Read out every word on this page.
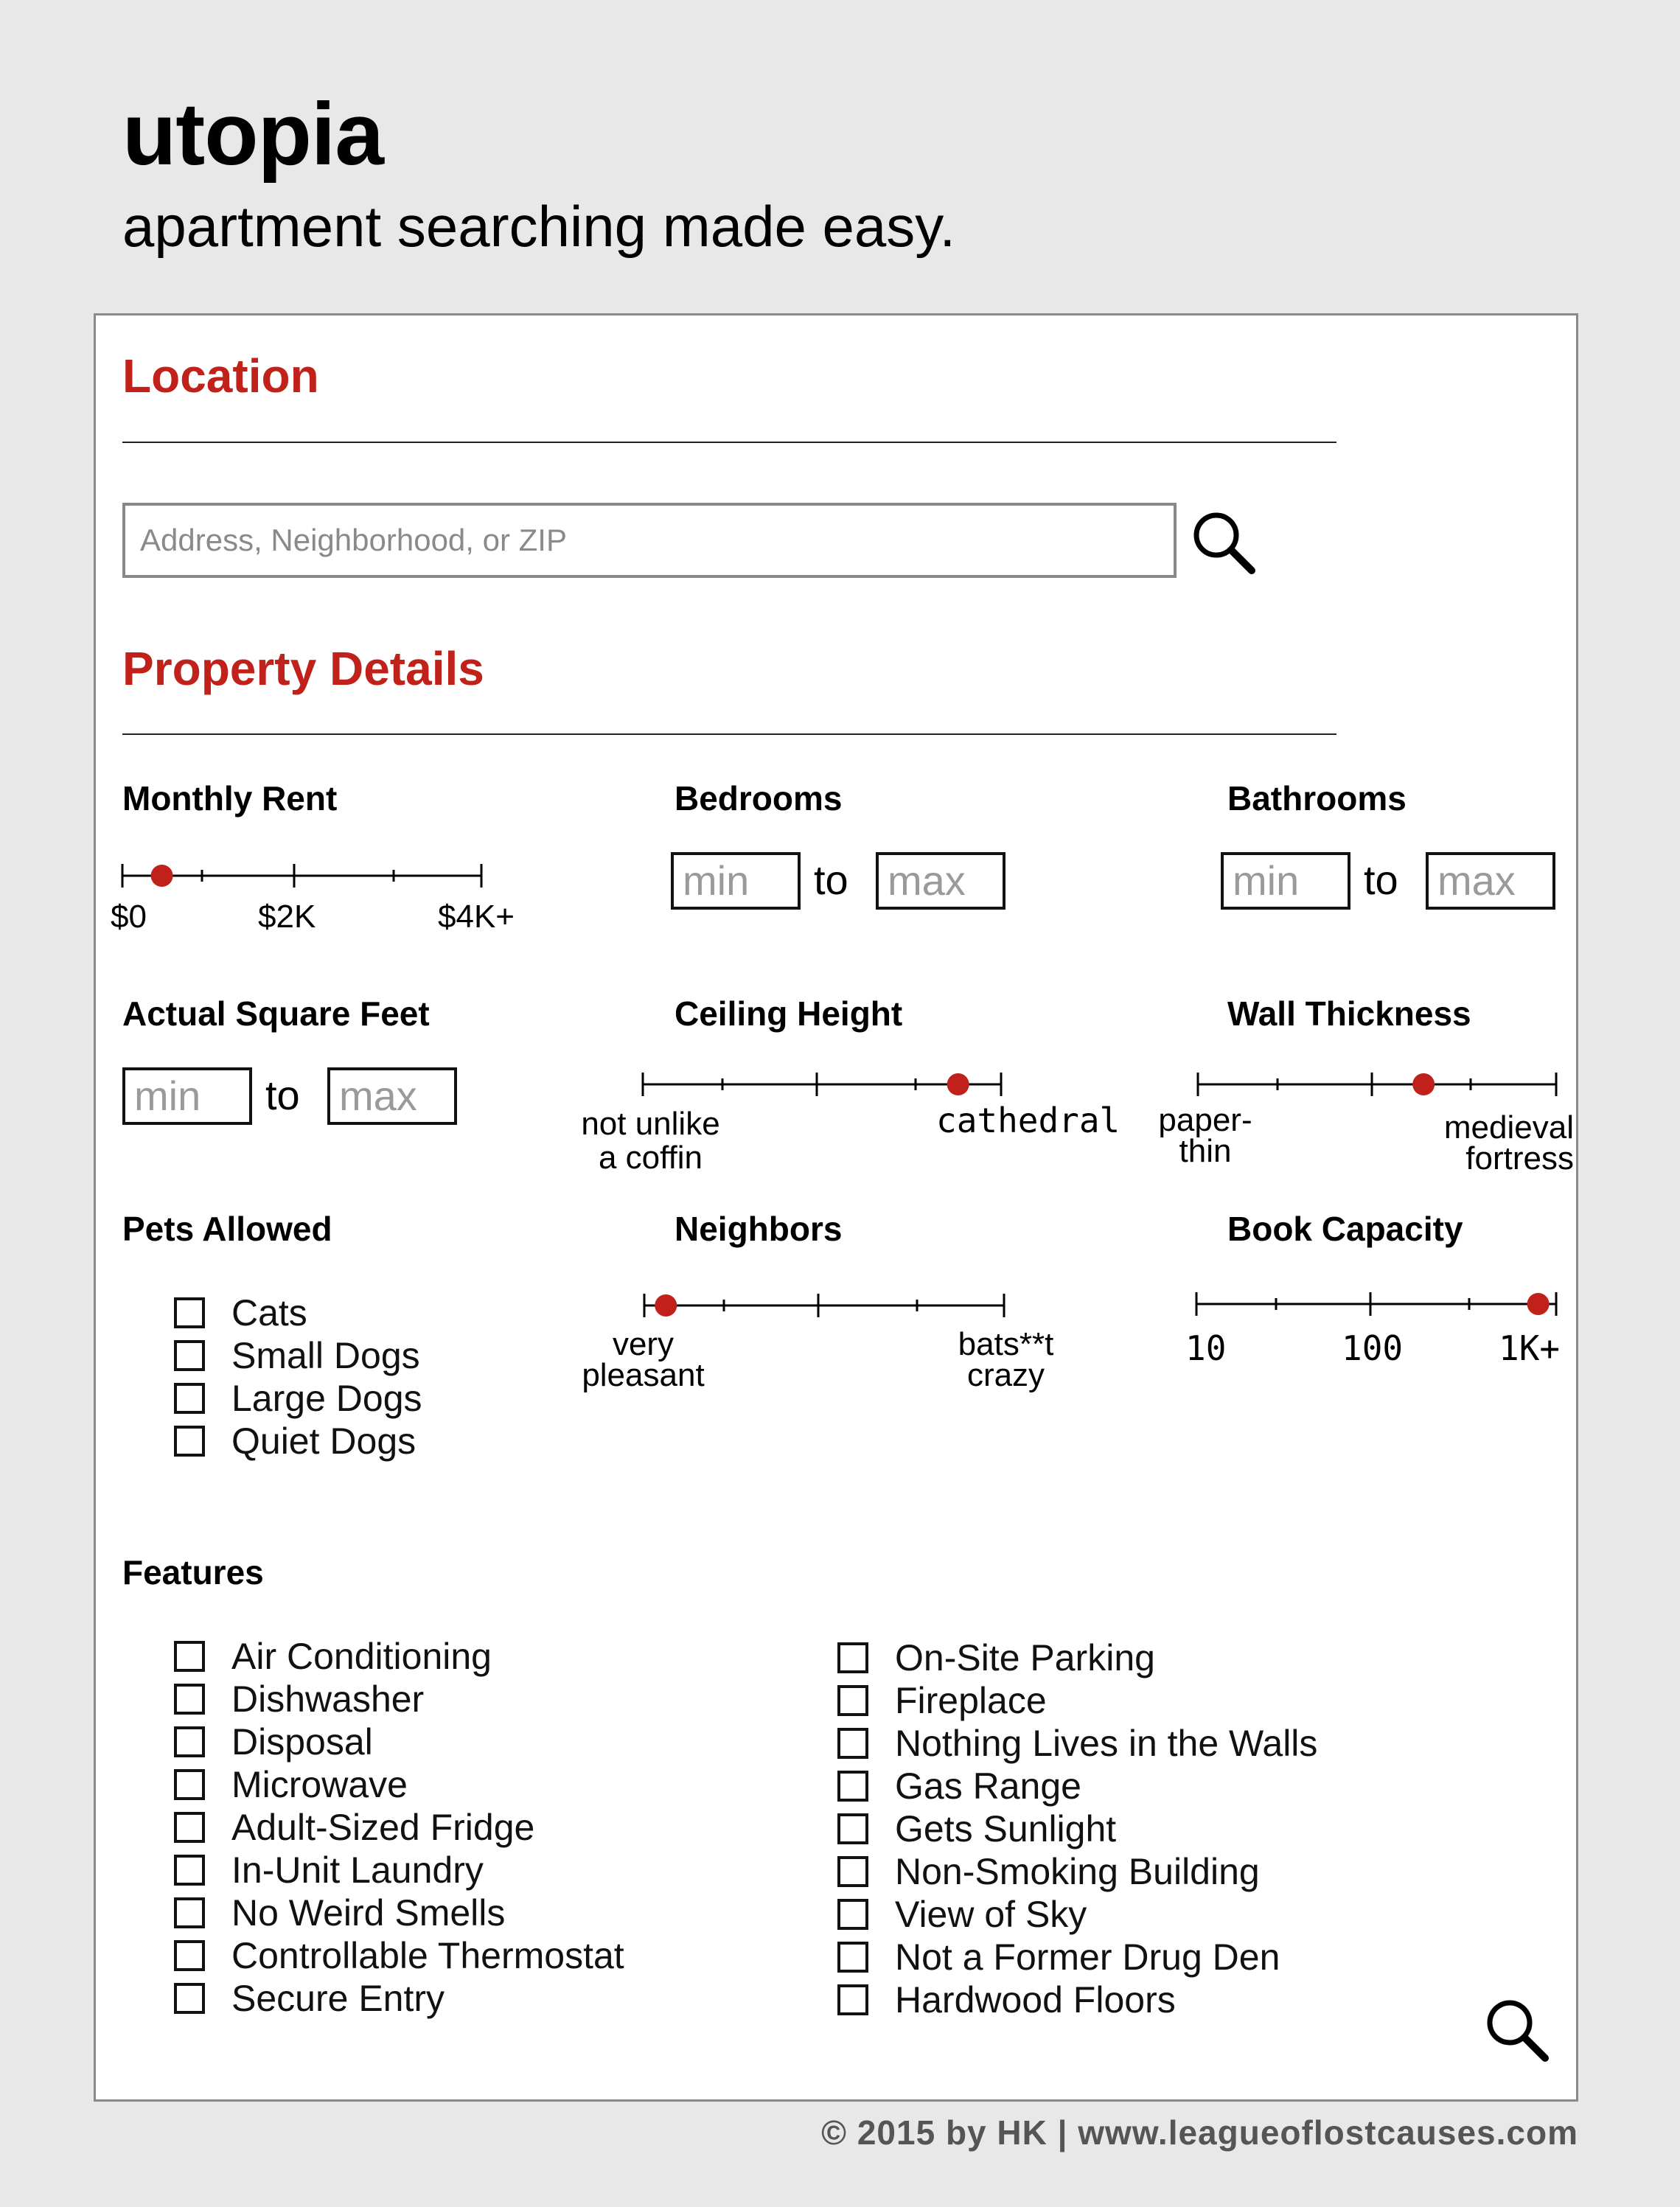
utopia
apartment searching made easy.
Location
Address, Neighborhood, or ZIP
Property Details
Monthly Rent
$0	$2K	$4K+
Bedrooms
min	to max
Bathrooms
min	to max
Actual Square Feet
min	to max
Ceiling Height
not unlike
a coffin
cathedral
Wall Thickness
paper-
thin
medieval
fortress
Pets Allowed
Cats
Small Dogs
Large Dogs
Quiet Dogs
Neighbors
very
pleasant
bats**t
crazy
Book Capacity
10	100	1K+
Features
Air Conditioning
Dishwasher
Disposal
Microwave
Adult-Sized Fridge
In-Unit Laundry
No Weird Smells
Controllable Thermostat
Secure Entry
On-Site Parking
Fireplace
Nothing Lives in the Walls
Gas Range
Gets Sunlight
Non-Smoking Building
View of Sky
Not a Former Drug Den
Hardwood Floors
© 2015 by HK | www.leagueoflostcauses.com
